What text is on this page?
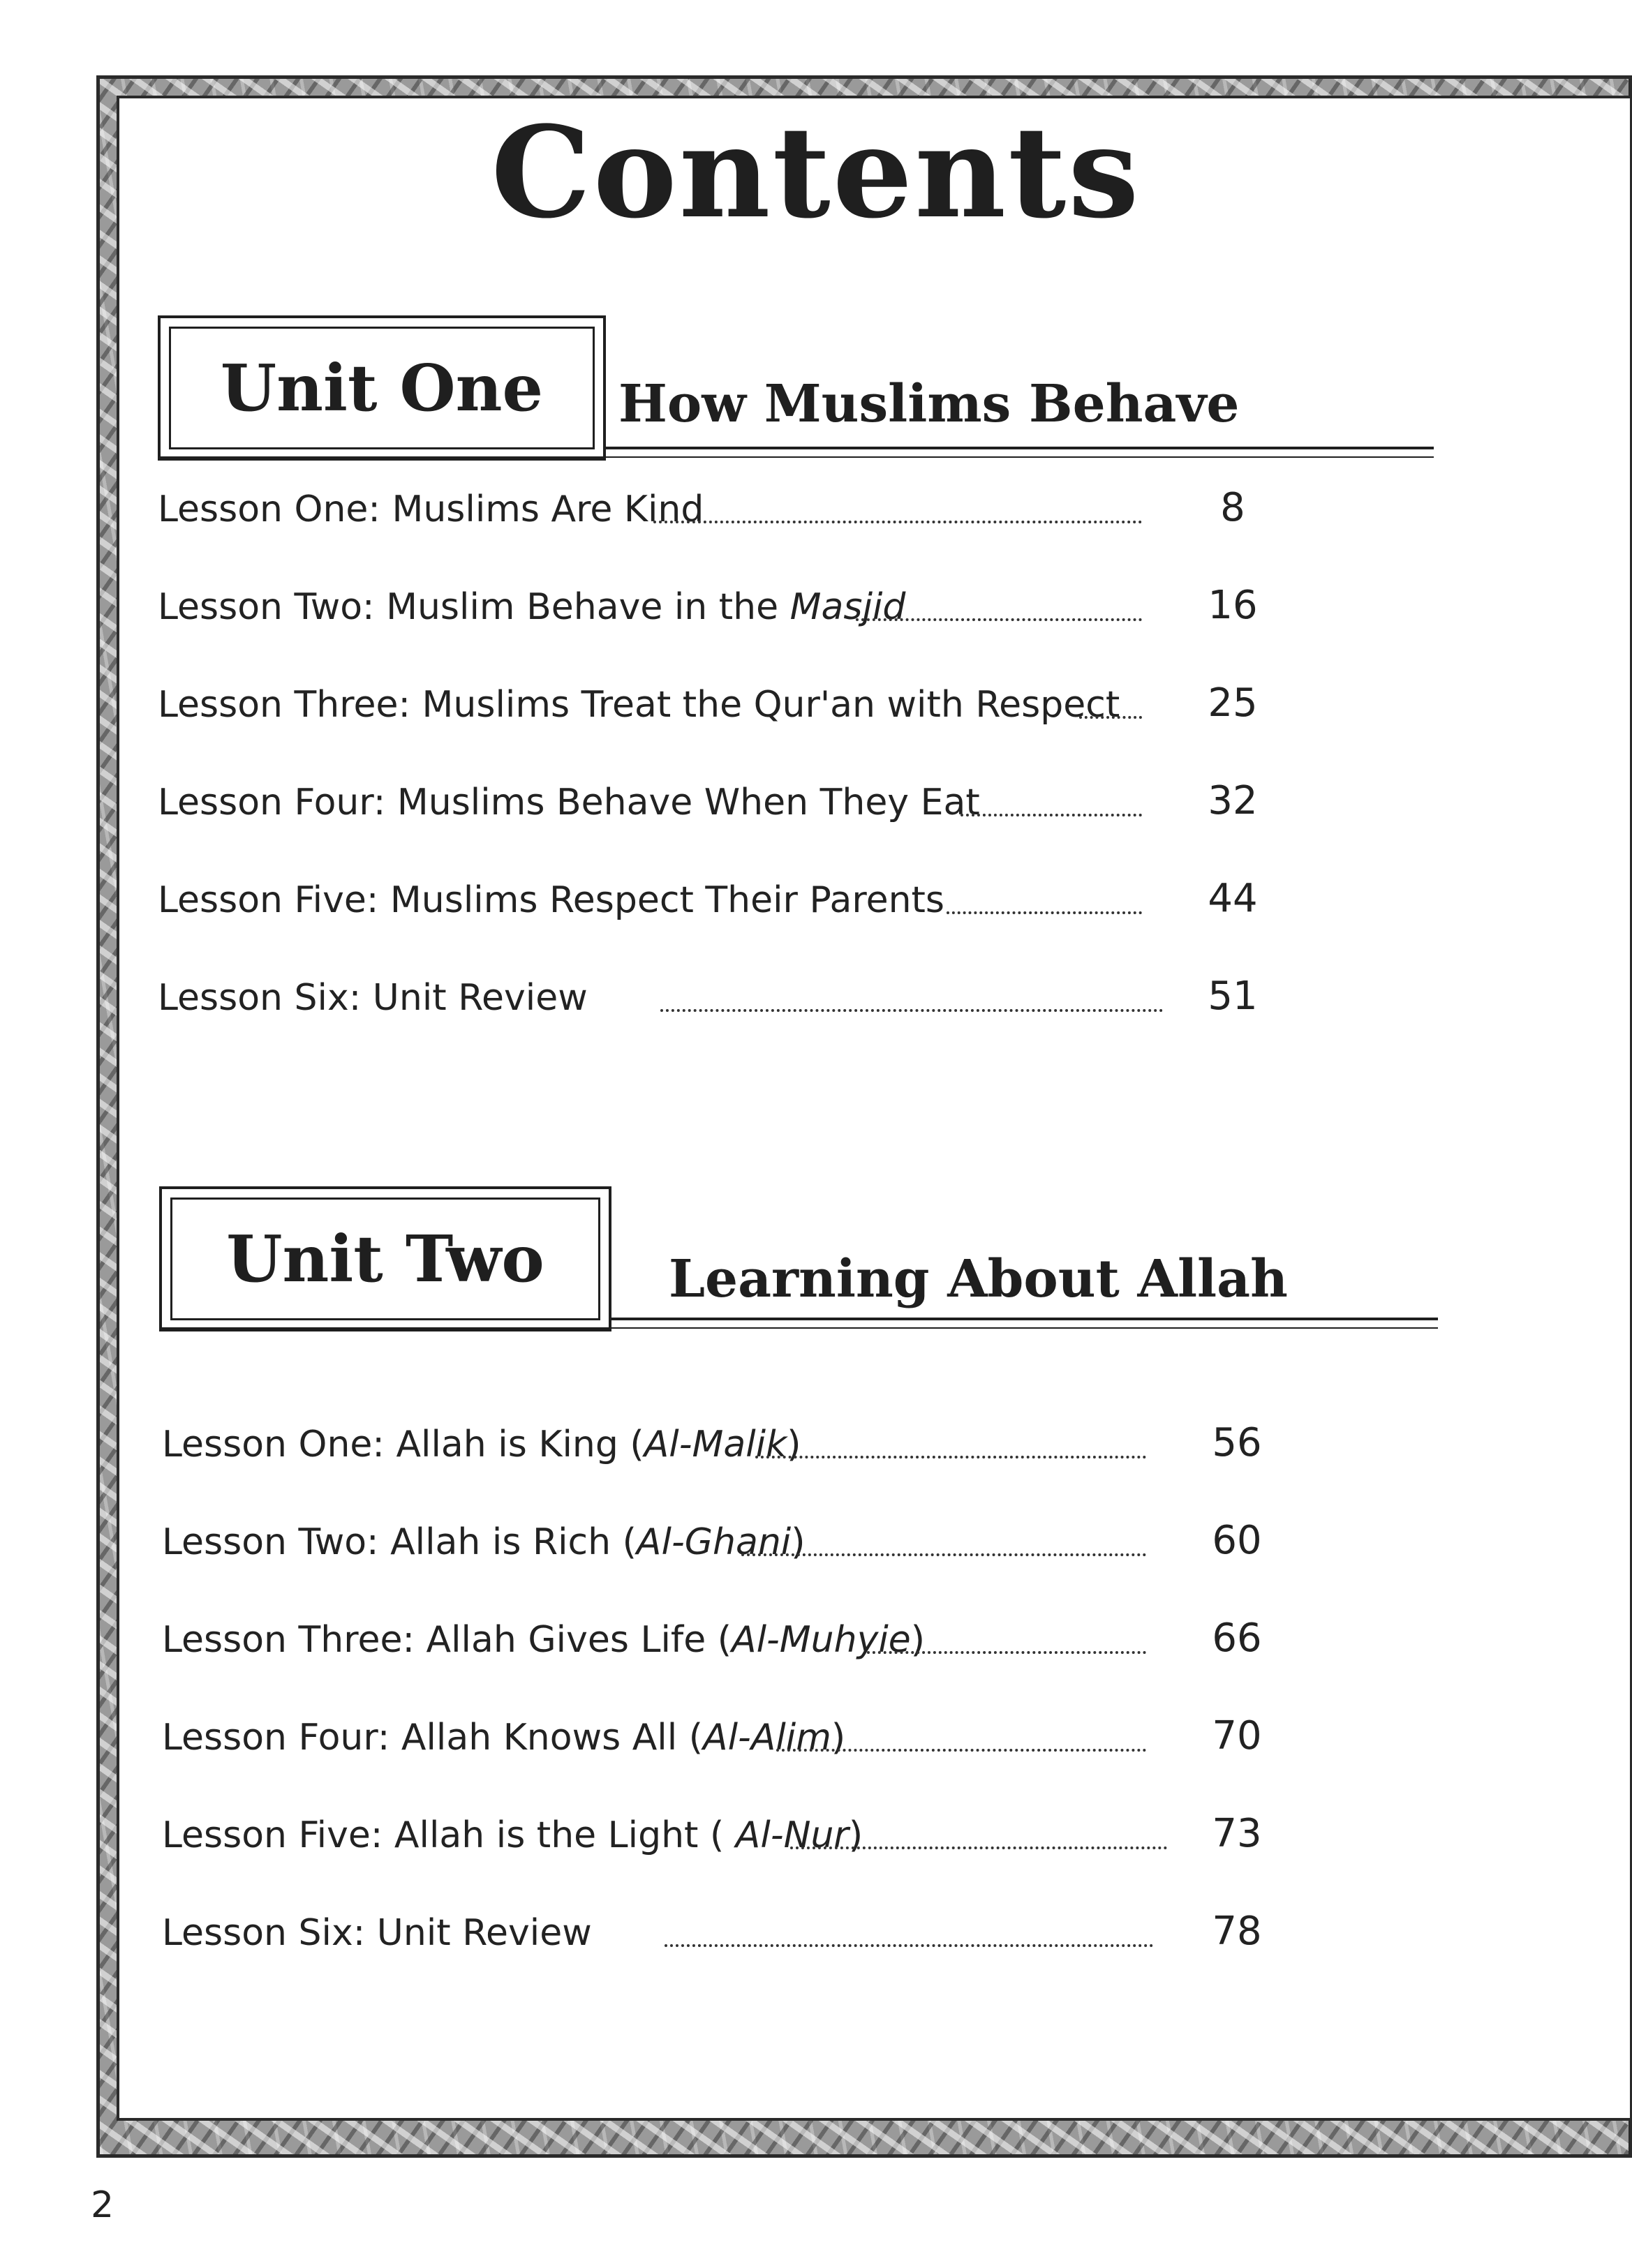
Contents
Unit One	How Muslims Behave
Lesson One: Muslims Are Kind	8
Lesson Two: Muslim Behave in the Masjid	16
Lesson Three: Muslims Treat the Qur'an with Respect	25
Lesson Four: Muslims Behave When They Eat	32
Lesson Five: Muslims Respect Their Parents	44
Lesson Six: Unit Review	51
Unit Two	Learning About Allah
Lesson One: Allah is King (Al-Malik)	56
Lesson Two: Allah is Rich (Al-Ghani)	60
Lesson Three: Allah Gives Life (Al-Muhyie)	66
Lesson Four: Allah Knows All (Al-Alim)	70
Lesson Five: Allah is the Light ( Al-Nur)	73
Lesson Six: Unit Review	78
2
